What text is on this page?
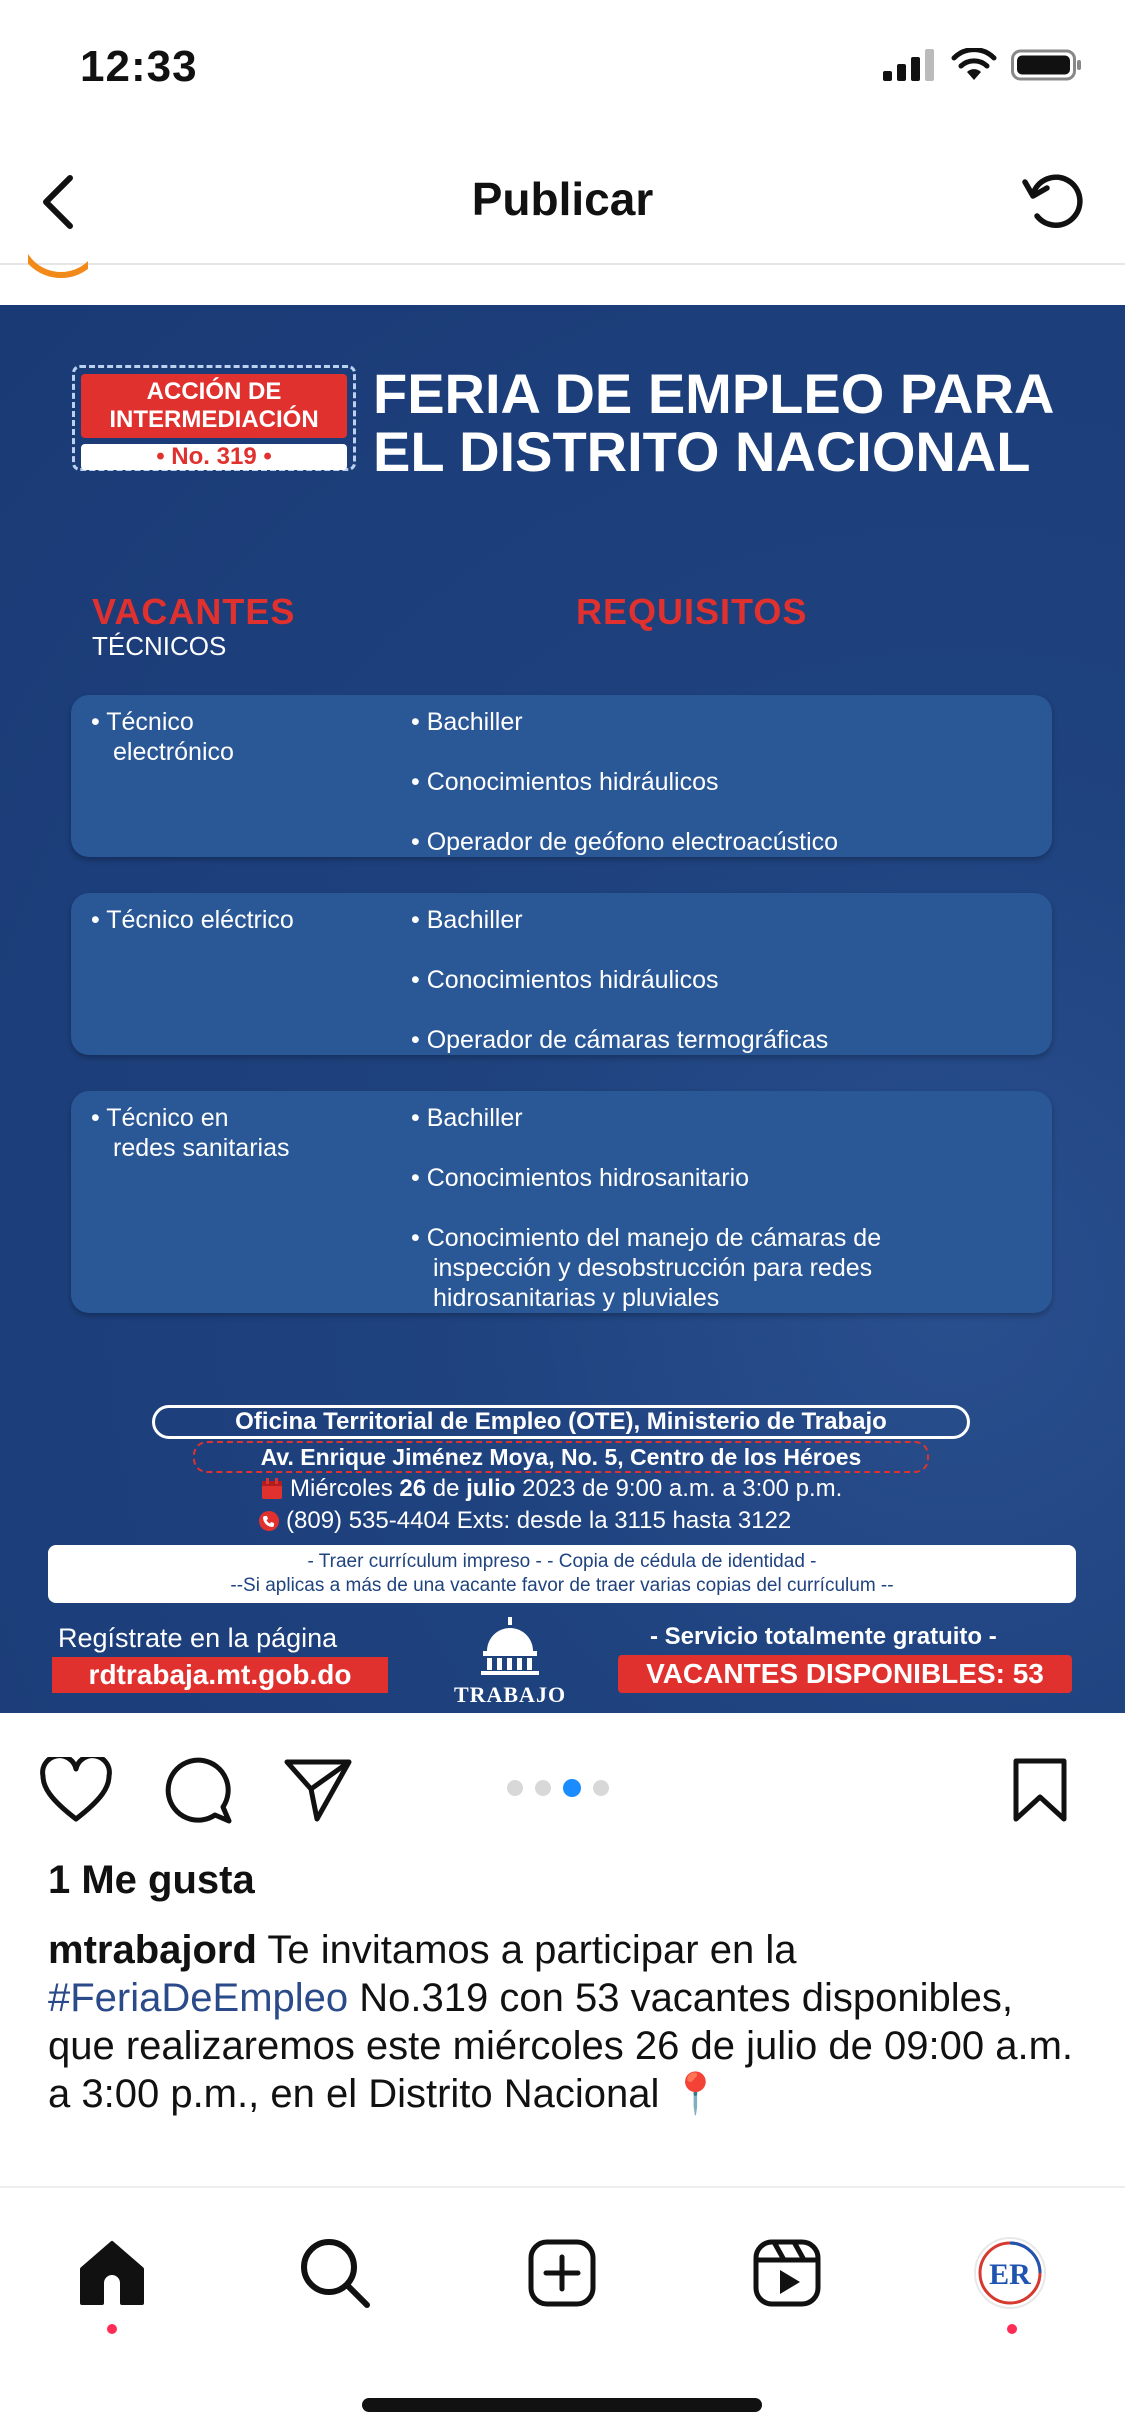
12:33
Publicar
ACCIÓN DE
INTERMEDIACIÓN
• No. 319 •
FERIA DE EMPLEO PARA
EL DISTRITO NACIONAL
VACANTES
TÉCNICOS
REQUISITOS
• Técnico
electrónico
• Bachiller
• Conocimientos hidráulicos
• Operador de geófono electroacústico
• Técnico eléctrico	• Bachiller
• Conocimientos hidráulicos
• Operador de cámaras termográficas
• Técnico en
redes sanitarias
• Bachiller
• Conocimientos hidrosanitario
• Conocimiento del manejo de cámaras de
inspección y desobstrucción para redes
hidrosanitarias y pluviales
Oficina Territorial de Empleo (OTE), Ministerio de Trabajo
Av. Enrique Jiménez Moya, No. 5, Centro de los Héroes
Miércoles 26 de julio 2023 de 9:00 a.m. a 3:00 p.m.
(809) 535-4404 Exts: desde la 3115 hasta 3122
- Traer currículum impreso - - Copia de cédula de identidad -
--Si aplicas a más de una vacante favor de traer varias copias del currículum --
Regístrate en la página
rdtrabaja.mt.gob.do
TRABAJO
- Servicio totalmente gratuito -
VACANTES DISPONIBLES: 53
1 Me gusta
mtrabajord Te invitamos a participar en la #FeriaDeEmpleo No.319 con 53 vacantes disponibles, que realizaremos este miércoles 26 de julio de 09:00 a.m. a 3:00 p.m., en el Distrito Nacional 📍
ER
